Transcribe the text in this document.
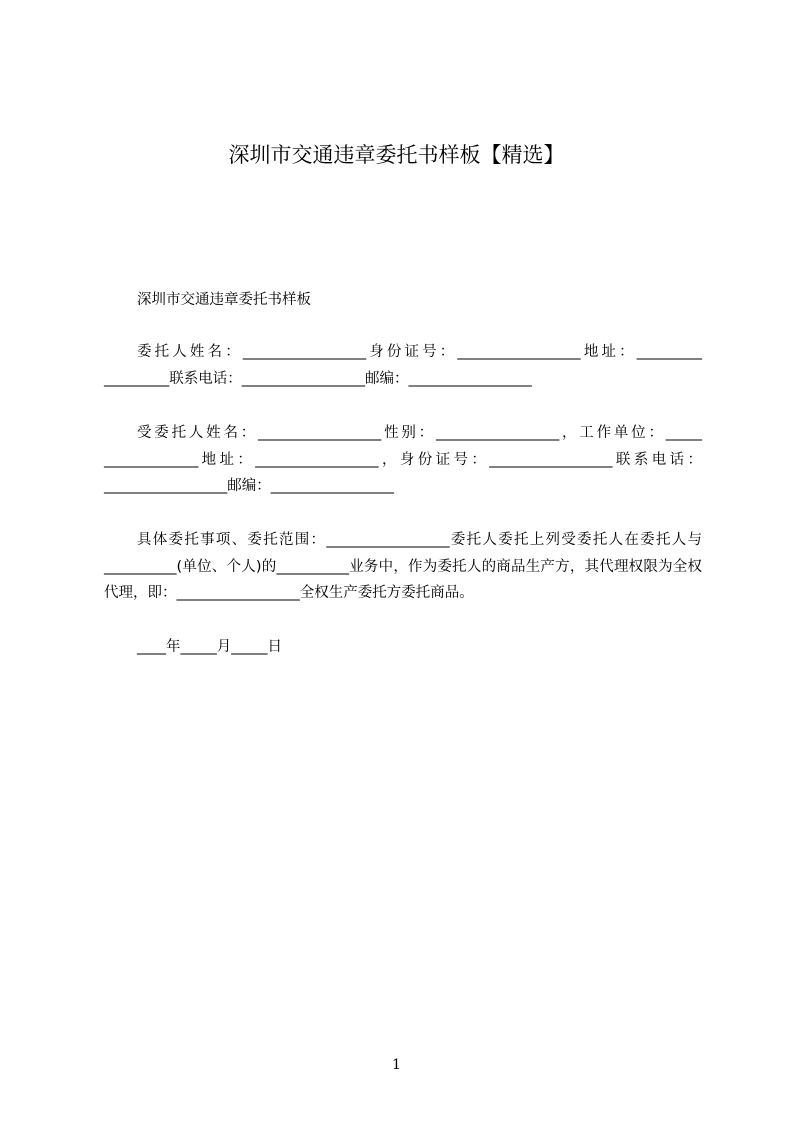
深圳市交通违章委托书样板【精选】
深圳市交通违章委托书样板

委托人姓名：_________________身份证号：_________________地址：_________ _________联系电话：_________________邮编：_________________

受委托人姓名：_________________性别：_________________，工作单位：_____ _____________地址：_________________，身份证号：_________________联系电话：_________________邮编：_________________

具体委托事项、委托范围：_________________委托人委托上列受委托人在委托人与__________(单位、个人)的__________业务中，作为委托人的商品生产方，其代理权限为全权代理，即：_________________全权生产委托方委托商品。

____年_____月_____日
1
